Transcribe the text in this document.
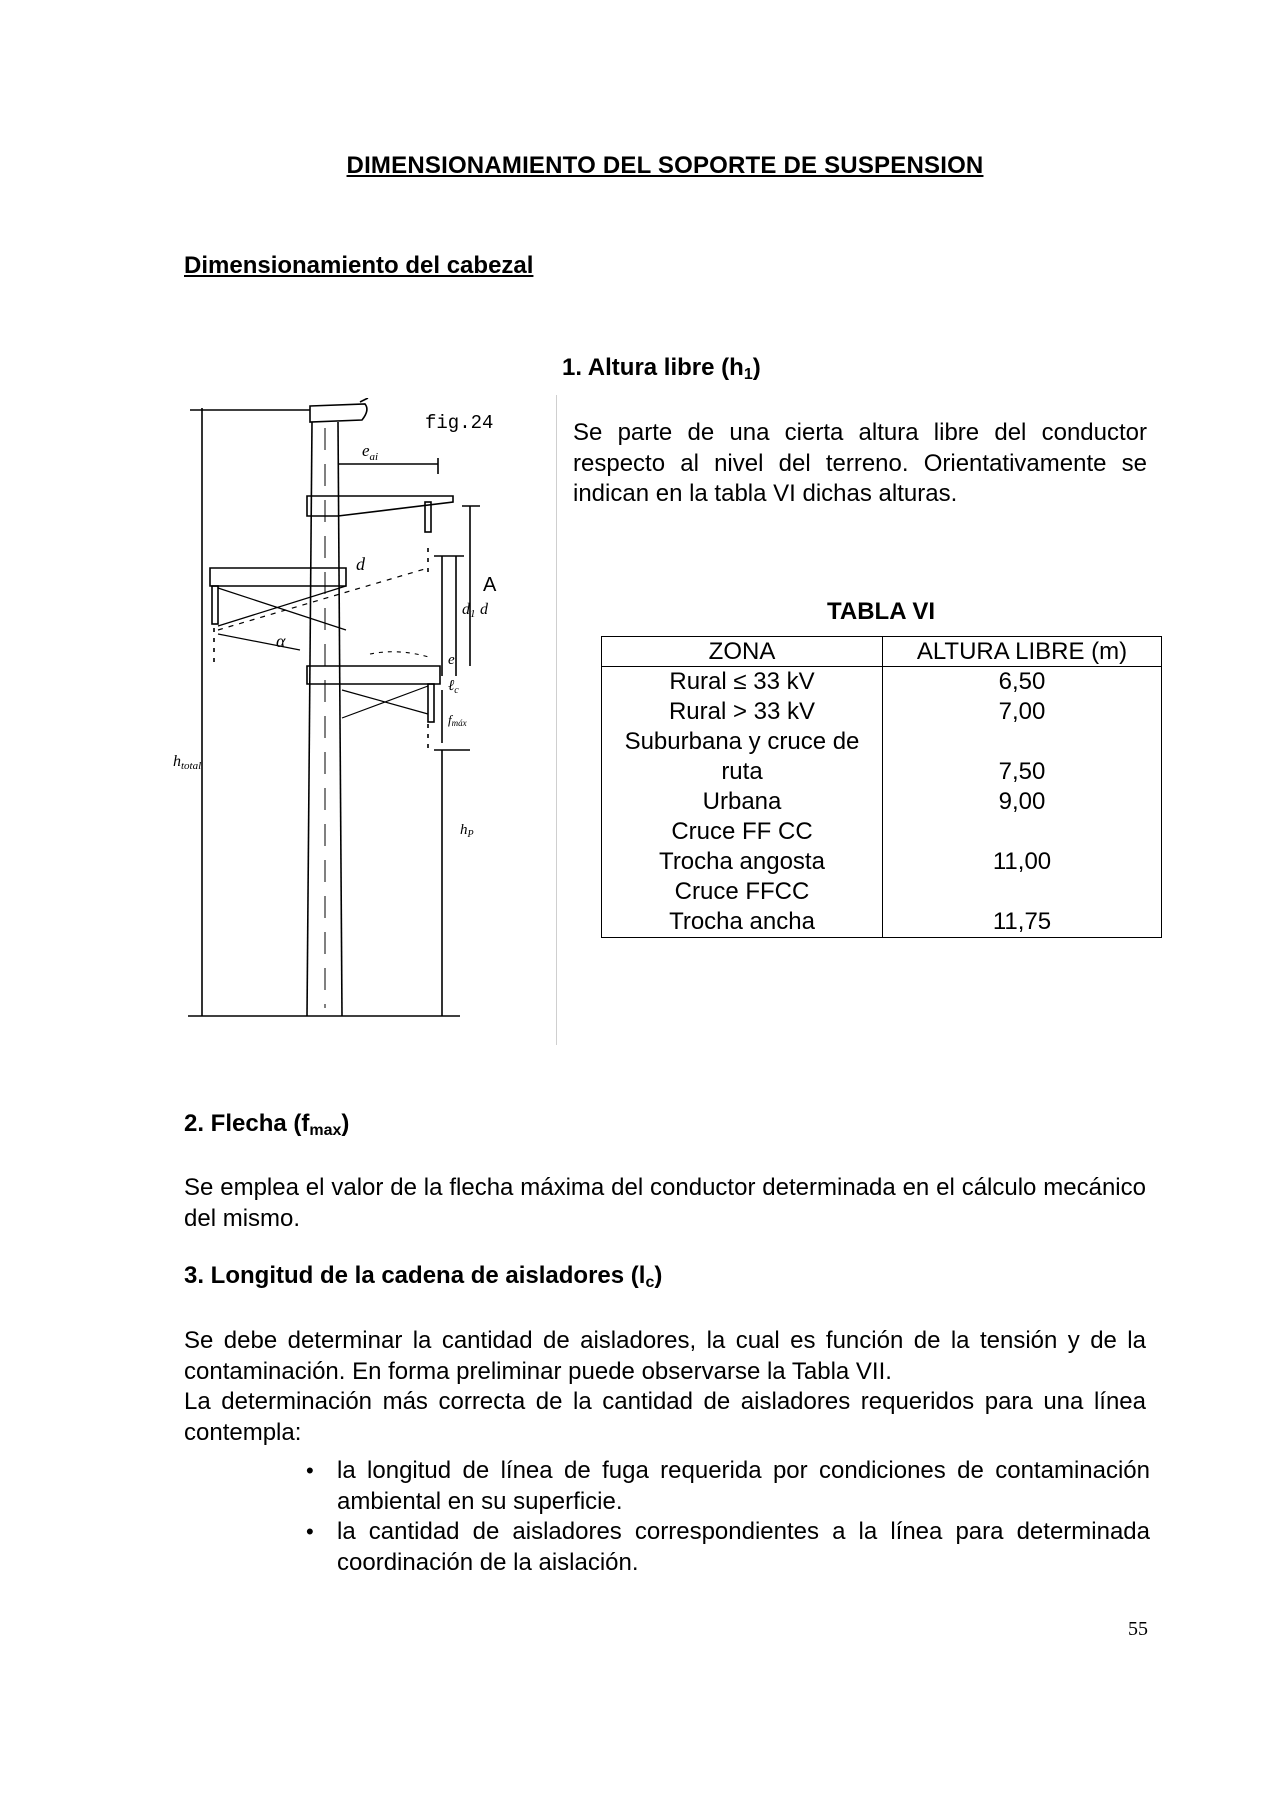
DIMENSIONAMIENTO DEL SOPORTE DE SUSPENSION
Dimensionamiento del cabezal
1. Altura libre $(h_1)$
Se parte de una cierta altura libre del conductor respecto al nivel del terreno. Orientativamente se indican en la tabla VI dichas alturas.
fig.24
$e_{ai}$
A
d
d1 d
α
e
ℓ$_c$
fmáx
htotal
$h_P$
TABLA VI
ZONA	ALTURA LIBRE (m)

Rural ≤ 33 kV	6,50

Rural > 33 kV	7,00

Suburbana y cruce de
ruta	7,50

Urbana	9,00

Cruce FF CC
Trocha angosta	11,00

Cruce FFCC
Trocha ancha	11,75
2. Flecha $(f_{max})$
Se emplea el valor de la flecha máxima del conductor determinada en el cálculo mecánico del mismo.
3. Longitud de la cadena de aisladores $(l_c)$
Se debe determinar la cantidad de aisladores, la cual es función de la tensión y de la contaminación. En forma preliminar puede observarse la Tabla VII.
La determinación más correcta de la cantidad de aisladores requeridos para una línea contempla:
• la longitud de línea de fuga requerida por condiciones de contaminación ambiental en su superficie.
• la cantidad de aisladores correspondientes a la línea para determinada coordinación de la aislación.
55
